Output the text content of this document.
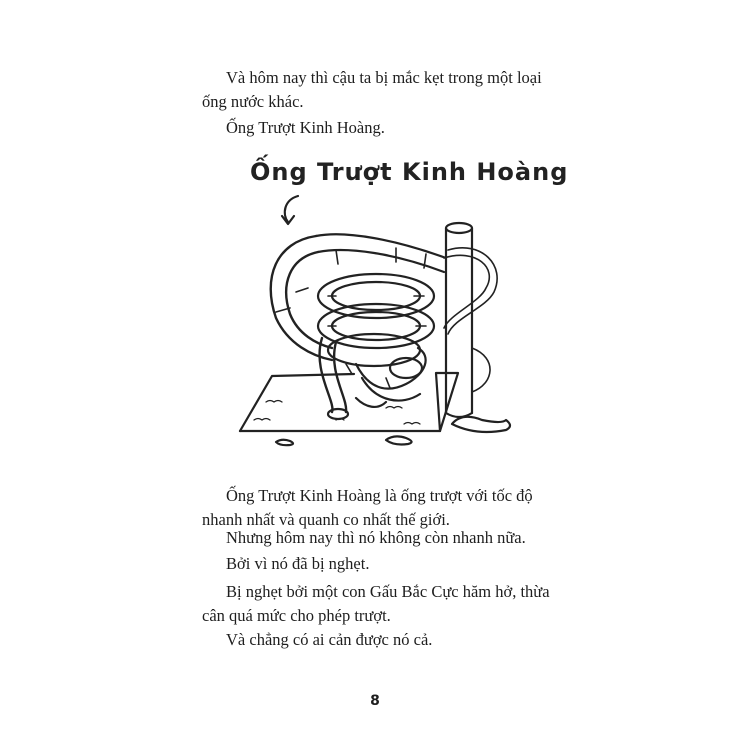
Và hôm nay thì cậu ta bị mắc kẹt trong một loại ống nước khác.

Ống Trượt Kinh Hoàng.

Ống Trượt Kinh Hoàng

Ống Trượt Kinh Hoàng là ống trượt với tốc độ nhanh nhất và quanh co nhất thế giới.

Nhưng hôm nay thì nó không còn nhanh nữa.

Bởi vì nó đã bị nghẹt.

Bị nghẹt bởi một con Gấu Bắc Cực hăm hở, thừa cân quá mức cho phép trượt.

Và chẳng có ai cản được nó cả.

8
